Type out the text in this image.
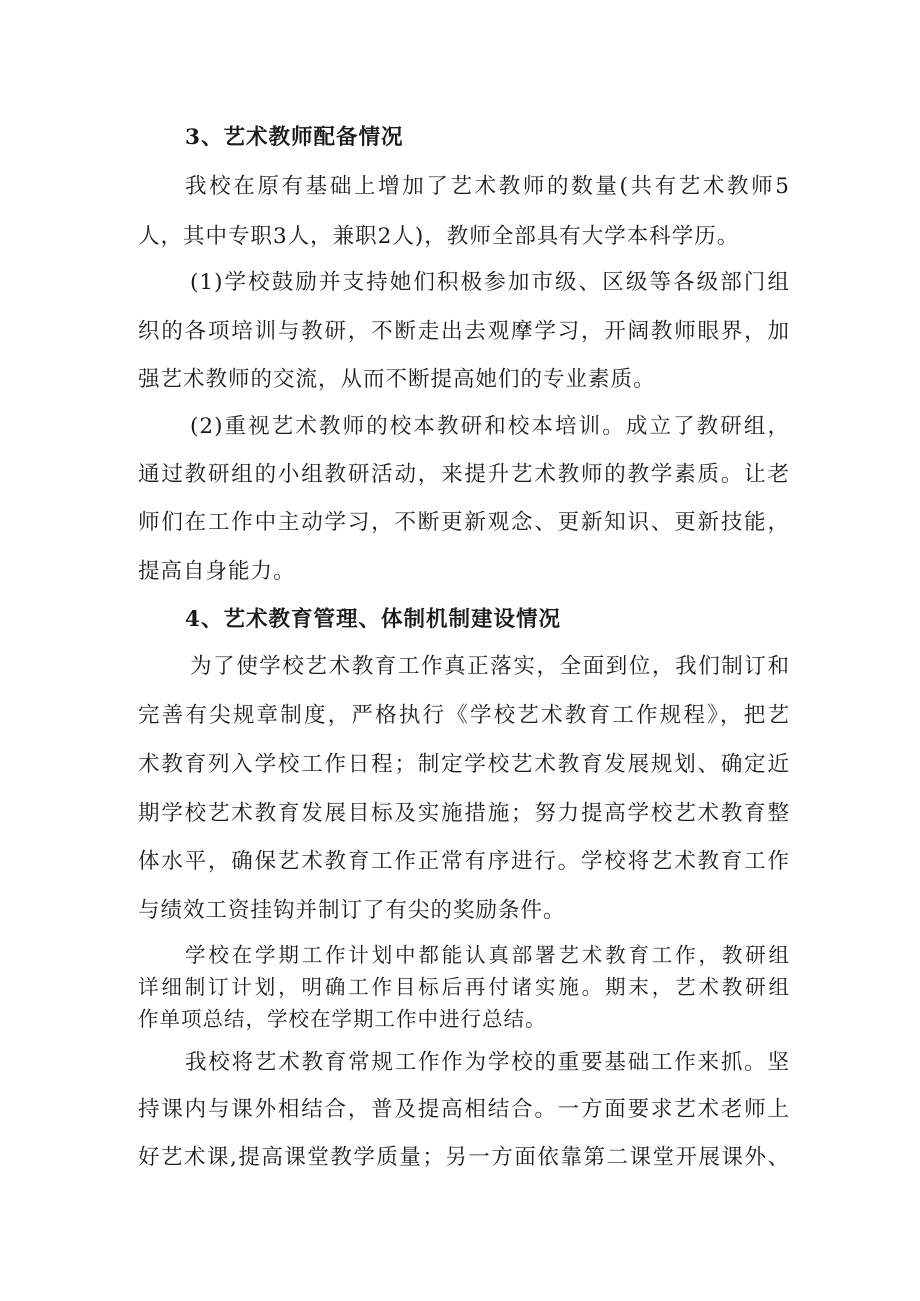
3、艺术教师配备情况
我校在原有基础上增加了艺术教师的数量(共有艺术教师5
人，其中专职3人，兼职2人)，教师全部具有大学本科学历。
(1)学校鼓励并支持她们积极参加市级、区级等各级部门组
织的各项培训与教研，不断走出去观摩学习，开阔教师眼界，加
强艺术教师的交流，从而不断提高她们的专业素质。
(2)重视艺术教师的校本教研和校本培训。成立了教研组，
通过教研组的小组教研活动，来提升艺术教师的教学素质。让老
师们在工作中主动学习，不断更新观念、更新知识、更新技能，
提高自身能力。
4、艺术教育管理、体制机制建设情况
为了使学校艺术教育工作真正落实，全面到位，我们制订和
完善有尖规章制度，严格执行《学校艺术教育工作规程》，把艺
术教育列入学校工作日程；制定学校艺术教育发展规划、确定近
期学校艺术教育发展目标及实施措施；努力提高学校艺术教育整
体水平，确保艺术教育工作正常有序进行。学校将艺术教育工作
与绩效工资挂钩并制订了有尖的奖励条件。
学校在学期工作计划中都能认真部署艺术教育工作，教研组
详细制订计划，明确工作目标后再付诸实施。期末，艺术教研组
作单项总结，学校在学期工作中进行总结。
我校将艺术教育常规工作作为学校的重要基础工作来抓。坚
持课内与课外相结合，普及提高相结合。一方面要求艺术老师上
好艺术课,提高课堂教学质量；另一方面依靠第二课堂开展课外、
